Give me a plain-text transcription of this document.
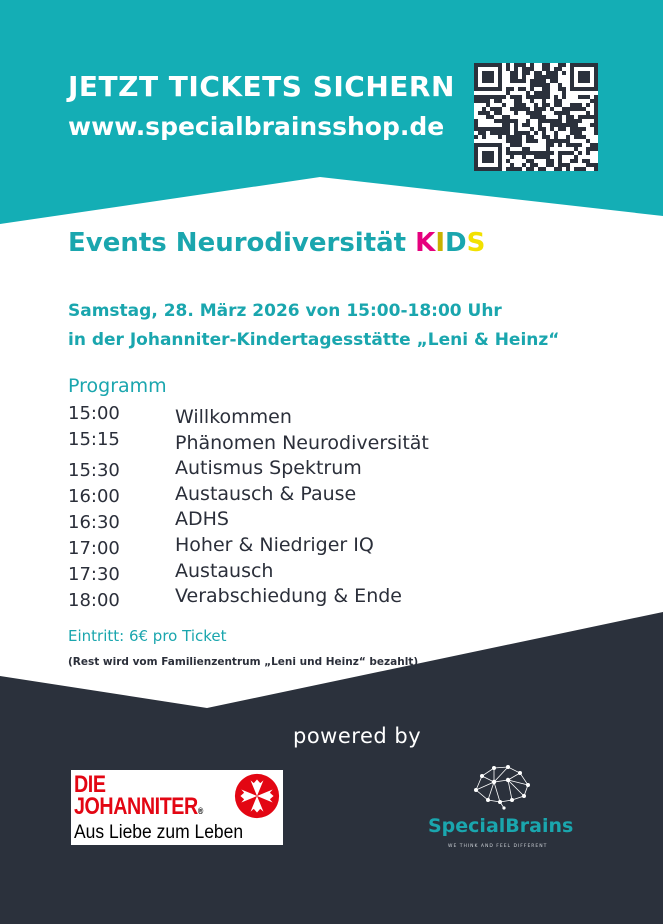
JETZT TICKETS SICHERN
www.specialbrainsshop.de
Events Neurodiversität KIDS
Samstag, 28. März 2026 von 15:00-18:00 Uhr
in der Johanniter-Kindertagesstätte „Leni & Heinz“
Programm
15:00	Willkommen
15:15	Phänomen Neurodiversität
15:30	Autismus Spektrum
16:00	Austausch & Pause
16:30	ADHS
17:00	Hoher & Niedriger IQ
17:30	Austausch
18:00	Verabschiedung & Ende
Eintritt: 6€ pro Ticket
(Rest wird vom Familienzentrum „Leni und Heinz“ bezahlt)
powered by
DIE
JOHANNITER®
Aus Liebe zum Leben	SpecialBrains
WE THINK AND FEEL DIFFERENT
